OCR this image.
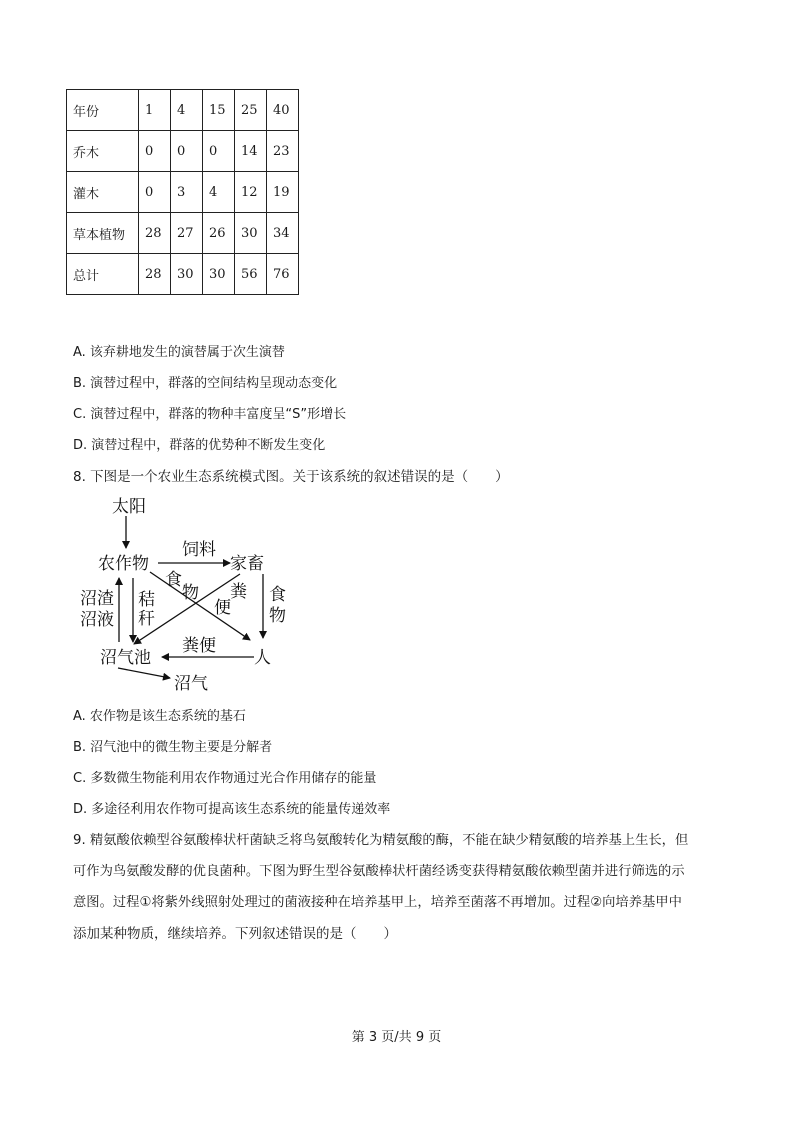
年份	1	4	15	25	40
乔木	0	0	0	14	23
灌木	0	3	4	12	19
草本植物	28	27	26	30	34
总计	28	30	30	56	76
A. 该弃耕地发生的演替属于次生演替
B. 演替过程中，群落的空间结构呈现动态变化
C. 演替过程中，群落的物种丰富度呈“S”形增长
D. 演替过程中，群落的优势种不断发生变化
8. 下图是一个农业生态系统模式图。关于该系统的叙述错误的是（　　）
太阳
农作物	家畜
沼气池	人
沼气
饲料
食
物 粪
便
秸
秆
沼渣
沼液
食
物
粪便
A. 农作物是该生态系统的基石
B. 沼气池中的微生物主要是分解者
C. 多数微生物能利用农作物通过光合作用储存的能量
D. 多途径利用农作物可提高该生态系统的能量传递效率
9. 精氨酸依赖型谷氨酸棒状杆菌缺乏将鸟氨酸转化为精氨酸的酶，不能在缺少精氨酸的培养基上生长，但
可作为鸟氨酸发酵的优良菌种。下图为野生型谷氨酸棒状杆菌经诱变获得精氨酸依赖型菌并进行筛选的示
意图。过程①将紫外线照射处理过的菌液接种在培养基甲上，培养至菌落不再增加。过程②向培养基甲中
添加某种物质，继续培养。下列叙述错误的是（　　）
第 3 页/共 9 页
